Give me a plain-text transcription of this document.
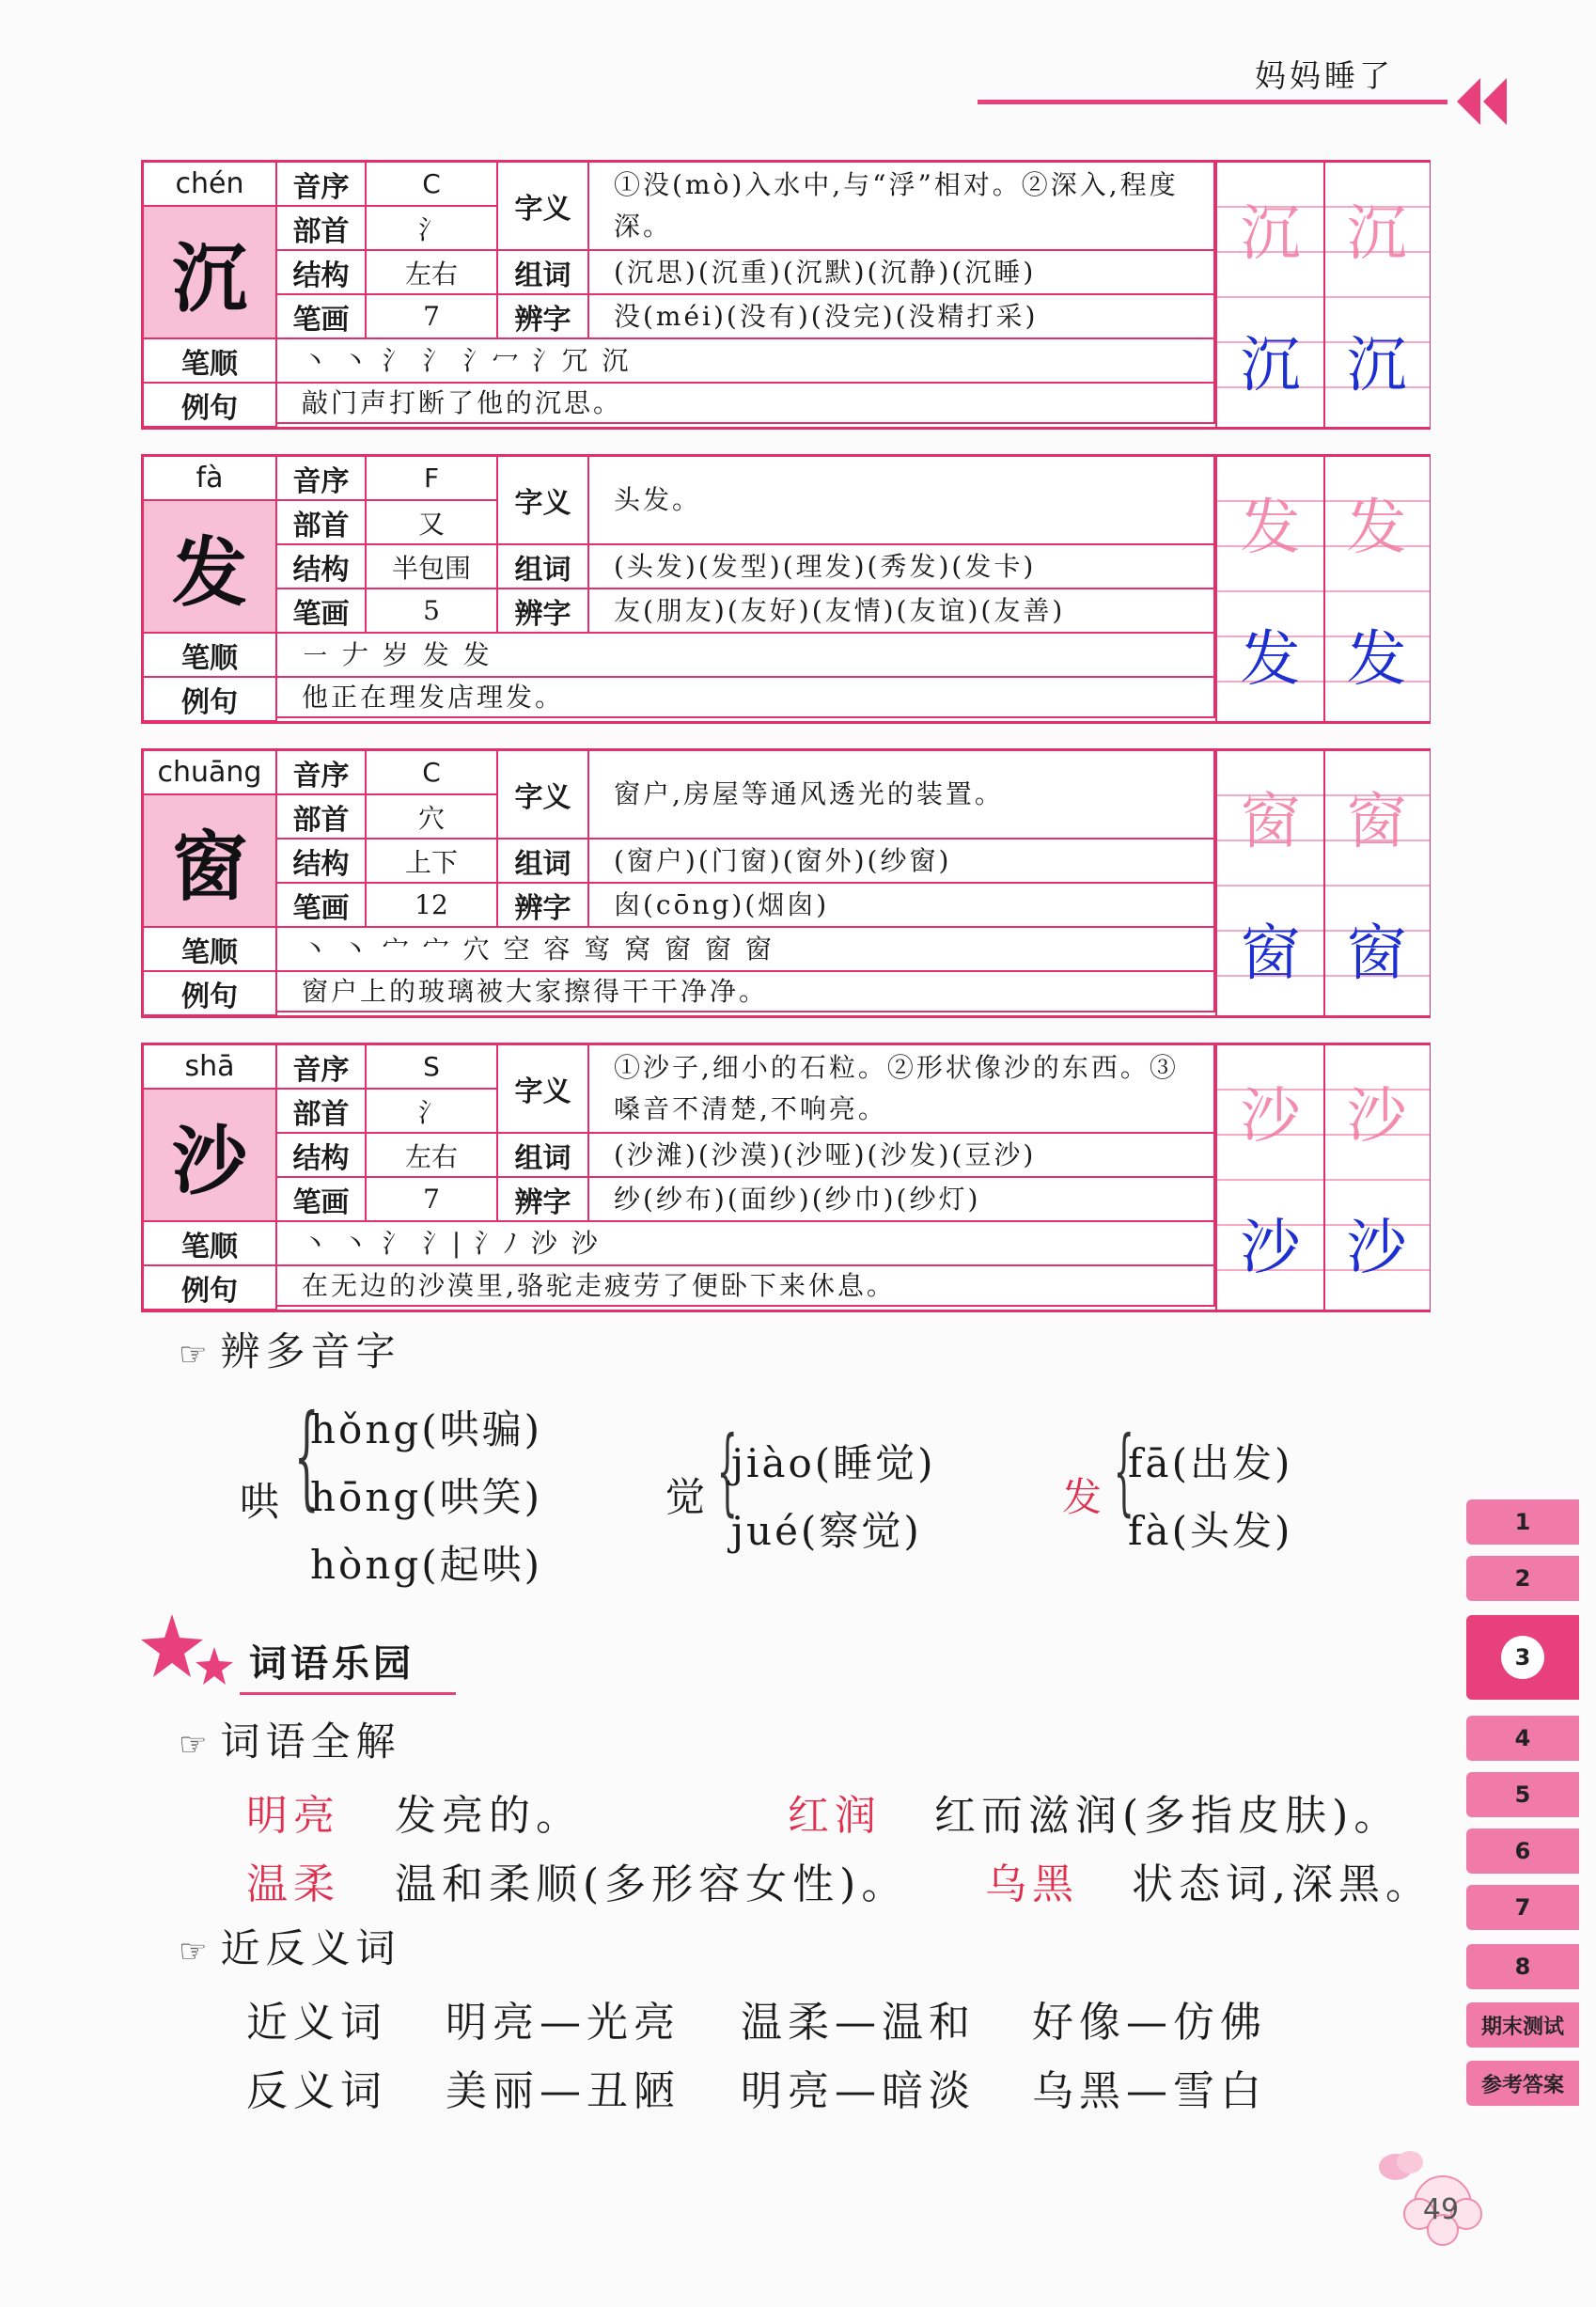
妈妈睡了
chén
沉
音序
部首
结构
笔画
C
氵
左右
7
字义
组词
辨字
①没(mò)入水中,与“浮”相对。②深入,程度深。
(沉思)(沉重)(沉默)(沉静)(沉睡)
没(méi)(没有)(没完)(没精打采)
笔顺
例句
丶 丶 氵 氵 氵冖 氵冗 沉
敲门声打断了他的沉思。
沉 沉
沉 沉
fà
发
音序
部首
结构
笔画
F
又
半包围
5
字义
组词
辨字
头发。
(头发)(发型)(理发)(秀发)(发卡)
友(朋友)(友好)(友情)(友谊)(友善)
笔顺
例句
㇐ 𠂇 岁 发 发
他正在理发店理发。
发 发
发 发
chuāng
窗
音序
部首
结构
笔画
C
穴
上下
12
字义
组词
辨字
窗户,房屋等通风透光的装置。
(窗户)(门窗)(窗外)(纱窗)
囱(cōng)(烟囱)
笔顺
例句
丶 丶 宀 宀 穴 空 容 窎 窝 窗 窗 窗
窗户上的玻璃被大家擦得干干净净。
窗 窗
窗 窗
shā
沙
音序
部首
结构
笔画
S
氵
左右
7
字义
组词
辨字
①沙子,细小的石粒。②形状像沙的东西。③嗓音不清楚,不响亮。
(沙滩)(沙漠)(沙哑)(沙发)(豆沙)
纱(纱布)(面纱)(纱巾)(纱灯)
笔顺
例句
丶 丶 氵 氵| 氵ﾉ 沙 沙
在无边的沙漠里,骆驼走疲劳了便卧下来休息。
沙 沙
沙 沙
☞ 辨多音字
哄 {
hǒng(哄骗)
hōng(哄笑)
hòng(起哄)
觉 {
jiào(睡觉)
jué(察觉)
发 {
fā(出发)
fà(头发)
词语乐园
☞ 词语全解
明亮 发亮的。	红润 红而滋润(多指皮肤)。
温柔 温和柔顺(多形容女性)。 乌黑 状态词,深黑。
☞ 近反义词
近义词 明亮—光亮 温柔—温和 好像—仿佛
反义词 美丽—丑陋 明亮—暗淡 乌黑—雪白
1
2
3
4
5
6
7
8
期末测试
参考答案
49
